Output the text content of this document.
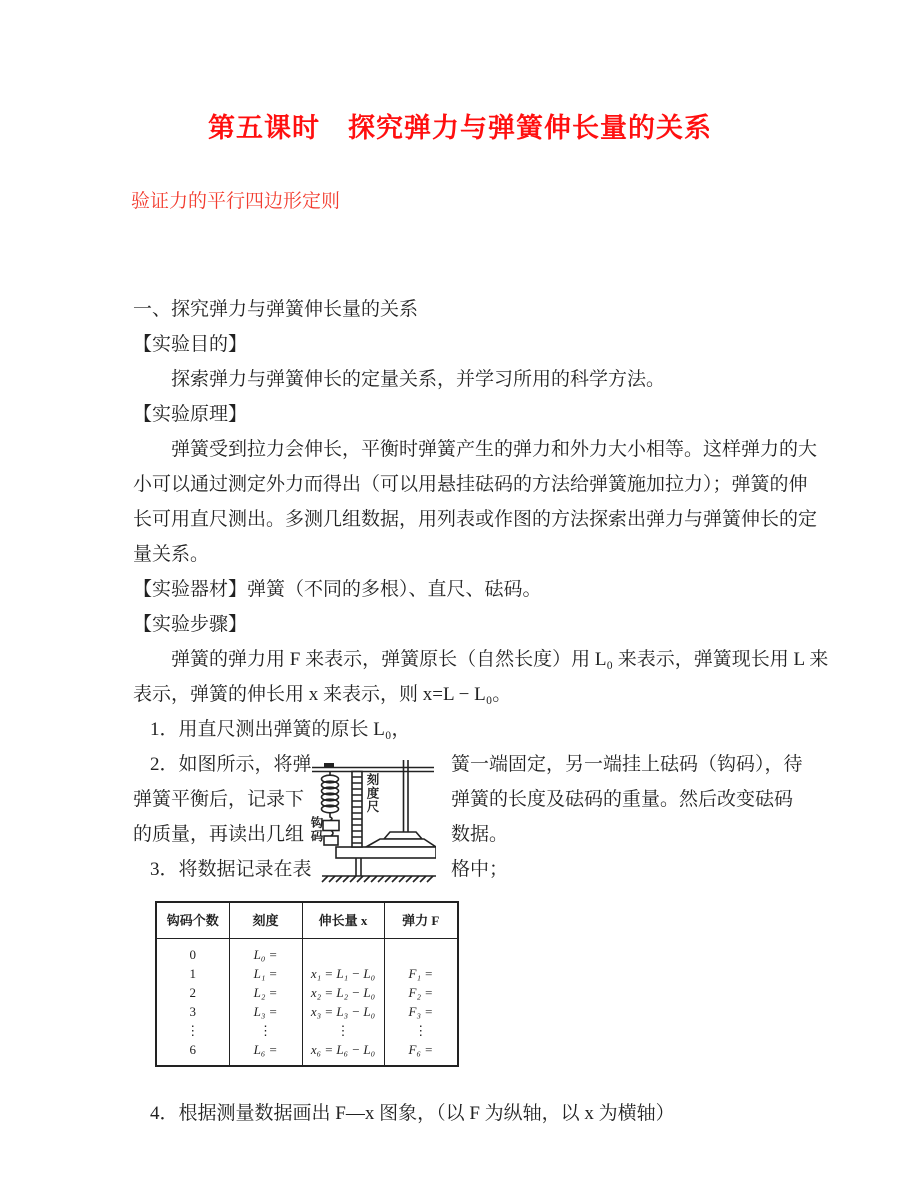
第五课时　探究弹力与弹簧伸长量的关系
验证力的平行四边形定则
一、探究弹力与弹簧伸长量的关系
【实验目的】
探索弹力与弹簧伸长的定量关系，并学习所用的科学方法。
【实验原理】
弹簧受到拉力会伸长，平衡时弹簧产生的弹力和外力大小相等。这样弹力的大
小可以通过测定外力而得出（可以用悬挂砝码的方法给弹簧施加拉力）；弹簧的伸
长可用直尺测出。多测几组数据，用列表或作图的方法探索出弹力与弹簧伸长的定
量关系。
【实验器材】弹簧（不同的多根）、直尺、砝码。
【实验步骤】
弹簧的弹力用 F 来表示，弹簧原长（自然长度）用 L₀ 来表示，弹簧现长用 L 来
表示，弹簧的伸长用 x 来表示，则 x=L − L₀。
1．用直尺测出弹簧的原长 L₀，
2．如图所示，将弹
弹簧平衡后，记录下
的质量，再读出几组
3．将数据记录在表
刻度尺
钩码
簧一端固定，另一端挂上砝码（钩码），待
弹簧的长度及砝码的重量。然后改变砝码
数据。
格中；
钩码个数	刻度	伸长量 x	弹力 F
0	L₀ =		
1	L₁ =	x₁ = L₁ − L₀	F₁ =
2	L₂ =	x₂ = L₂ − L₀	F₂ =
3	L₃ =	x₃ = L₃ − L₀	F₃ =
⋮	⋮	⋮	⋮
6	L₆ =	x₆ = L₆ − L₀	F₆ =
4．根据测量数据画出 F—x 图象，（以 F 为纵轴，以 x 为横轴）
